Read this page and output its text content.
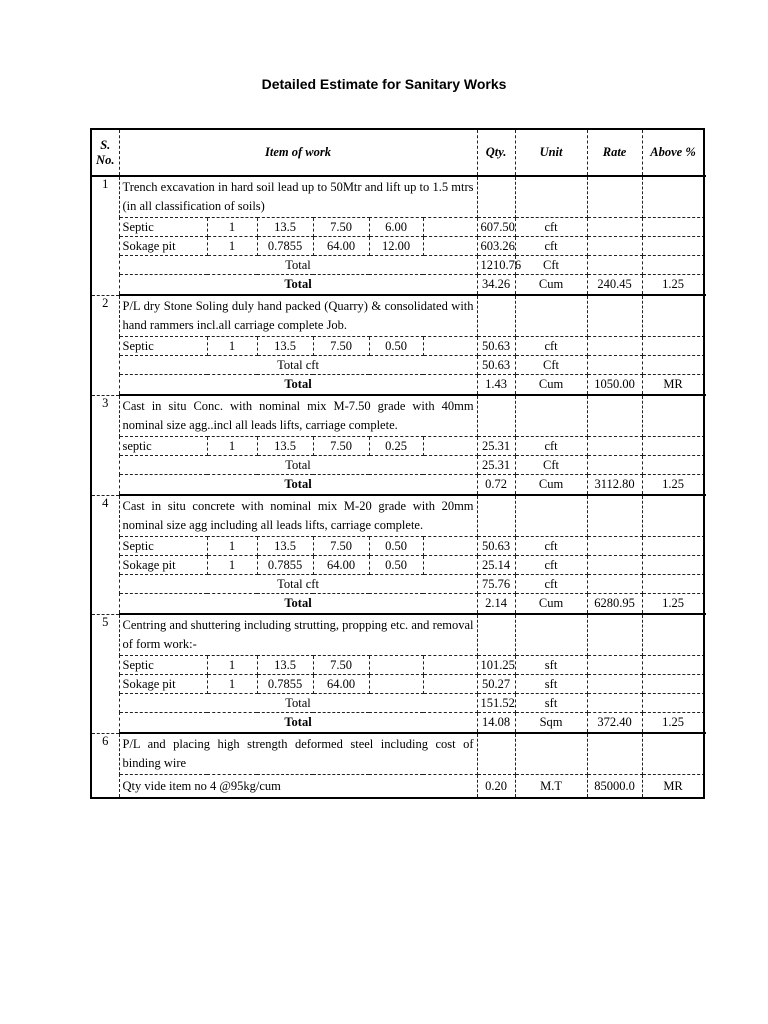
Detailed Estimate for Sanitary Works
S. No.	Item of work						Qty.	Unit	Rate	Above %	
1	Trench excavation in hard soil lead up to 50Mtr and lift up to 1.5 mtrs (in all classification of soils)										
	Septic	1	13.5	7.50	6.00		607.50	cft			
	Sokage pit	1	0.7855	64.00	12.00		603.26	cft			
	Total						1210.76	Cft			
	Total						34.26	Cum	240.45	1.25	
2	P/L dry Stone Soling duly hand packed (Quarry) & consolidated with hand rammers incl.all carriage complete Job.										
	Septic	1	13.5	7.50	0.50		50.63	cft			
	Total cft						50.63	Cft			
	Total						1.43	Cum	1050.00	MR	
3	Cast in situ Conc. with nominal mix M-7.50 grade with 40mm nominal size agg..incl all leads lifts, carriage complete.										
	septic	1	13.5	7.50	0.25		25.31	cft			
	Total						25.31	Cft			
	Total						0.72	Cum	3112.80	1.25	
4	Cast in situ concrete with nominal mix M-20 grade with 20mm nominal size agg including all leads lifts, carriage complete.										
	Septic	1	13.5	7.50	0.50		50.63	cft			
	Sokage pit	1	0.7855	64.00	0.50		25.14	cft			
	Total cft						75.76	cft			
	Total						2.14	Cum	6280.95	1.25	
5	Centring and shuttering including strutting, propping etc. and removal of form work:-										
	Septic	1	13.5	7.50			101.25	sft			
	Sokage pit	1	0.7855	64.00			50.27	sft			
	Total						151.52	sft			
	Total						14.08	Sqm	372.40	1.25	
6	P/L and placing high strength deformed steel including cost of binding wire										
	Qty vide item no 4 @95kg/cum						0.20	M.T	85000.0	MR	
